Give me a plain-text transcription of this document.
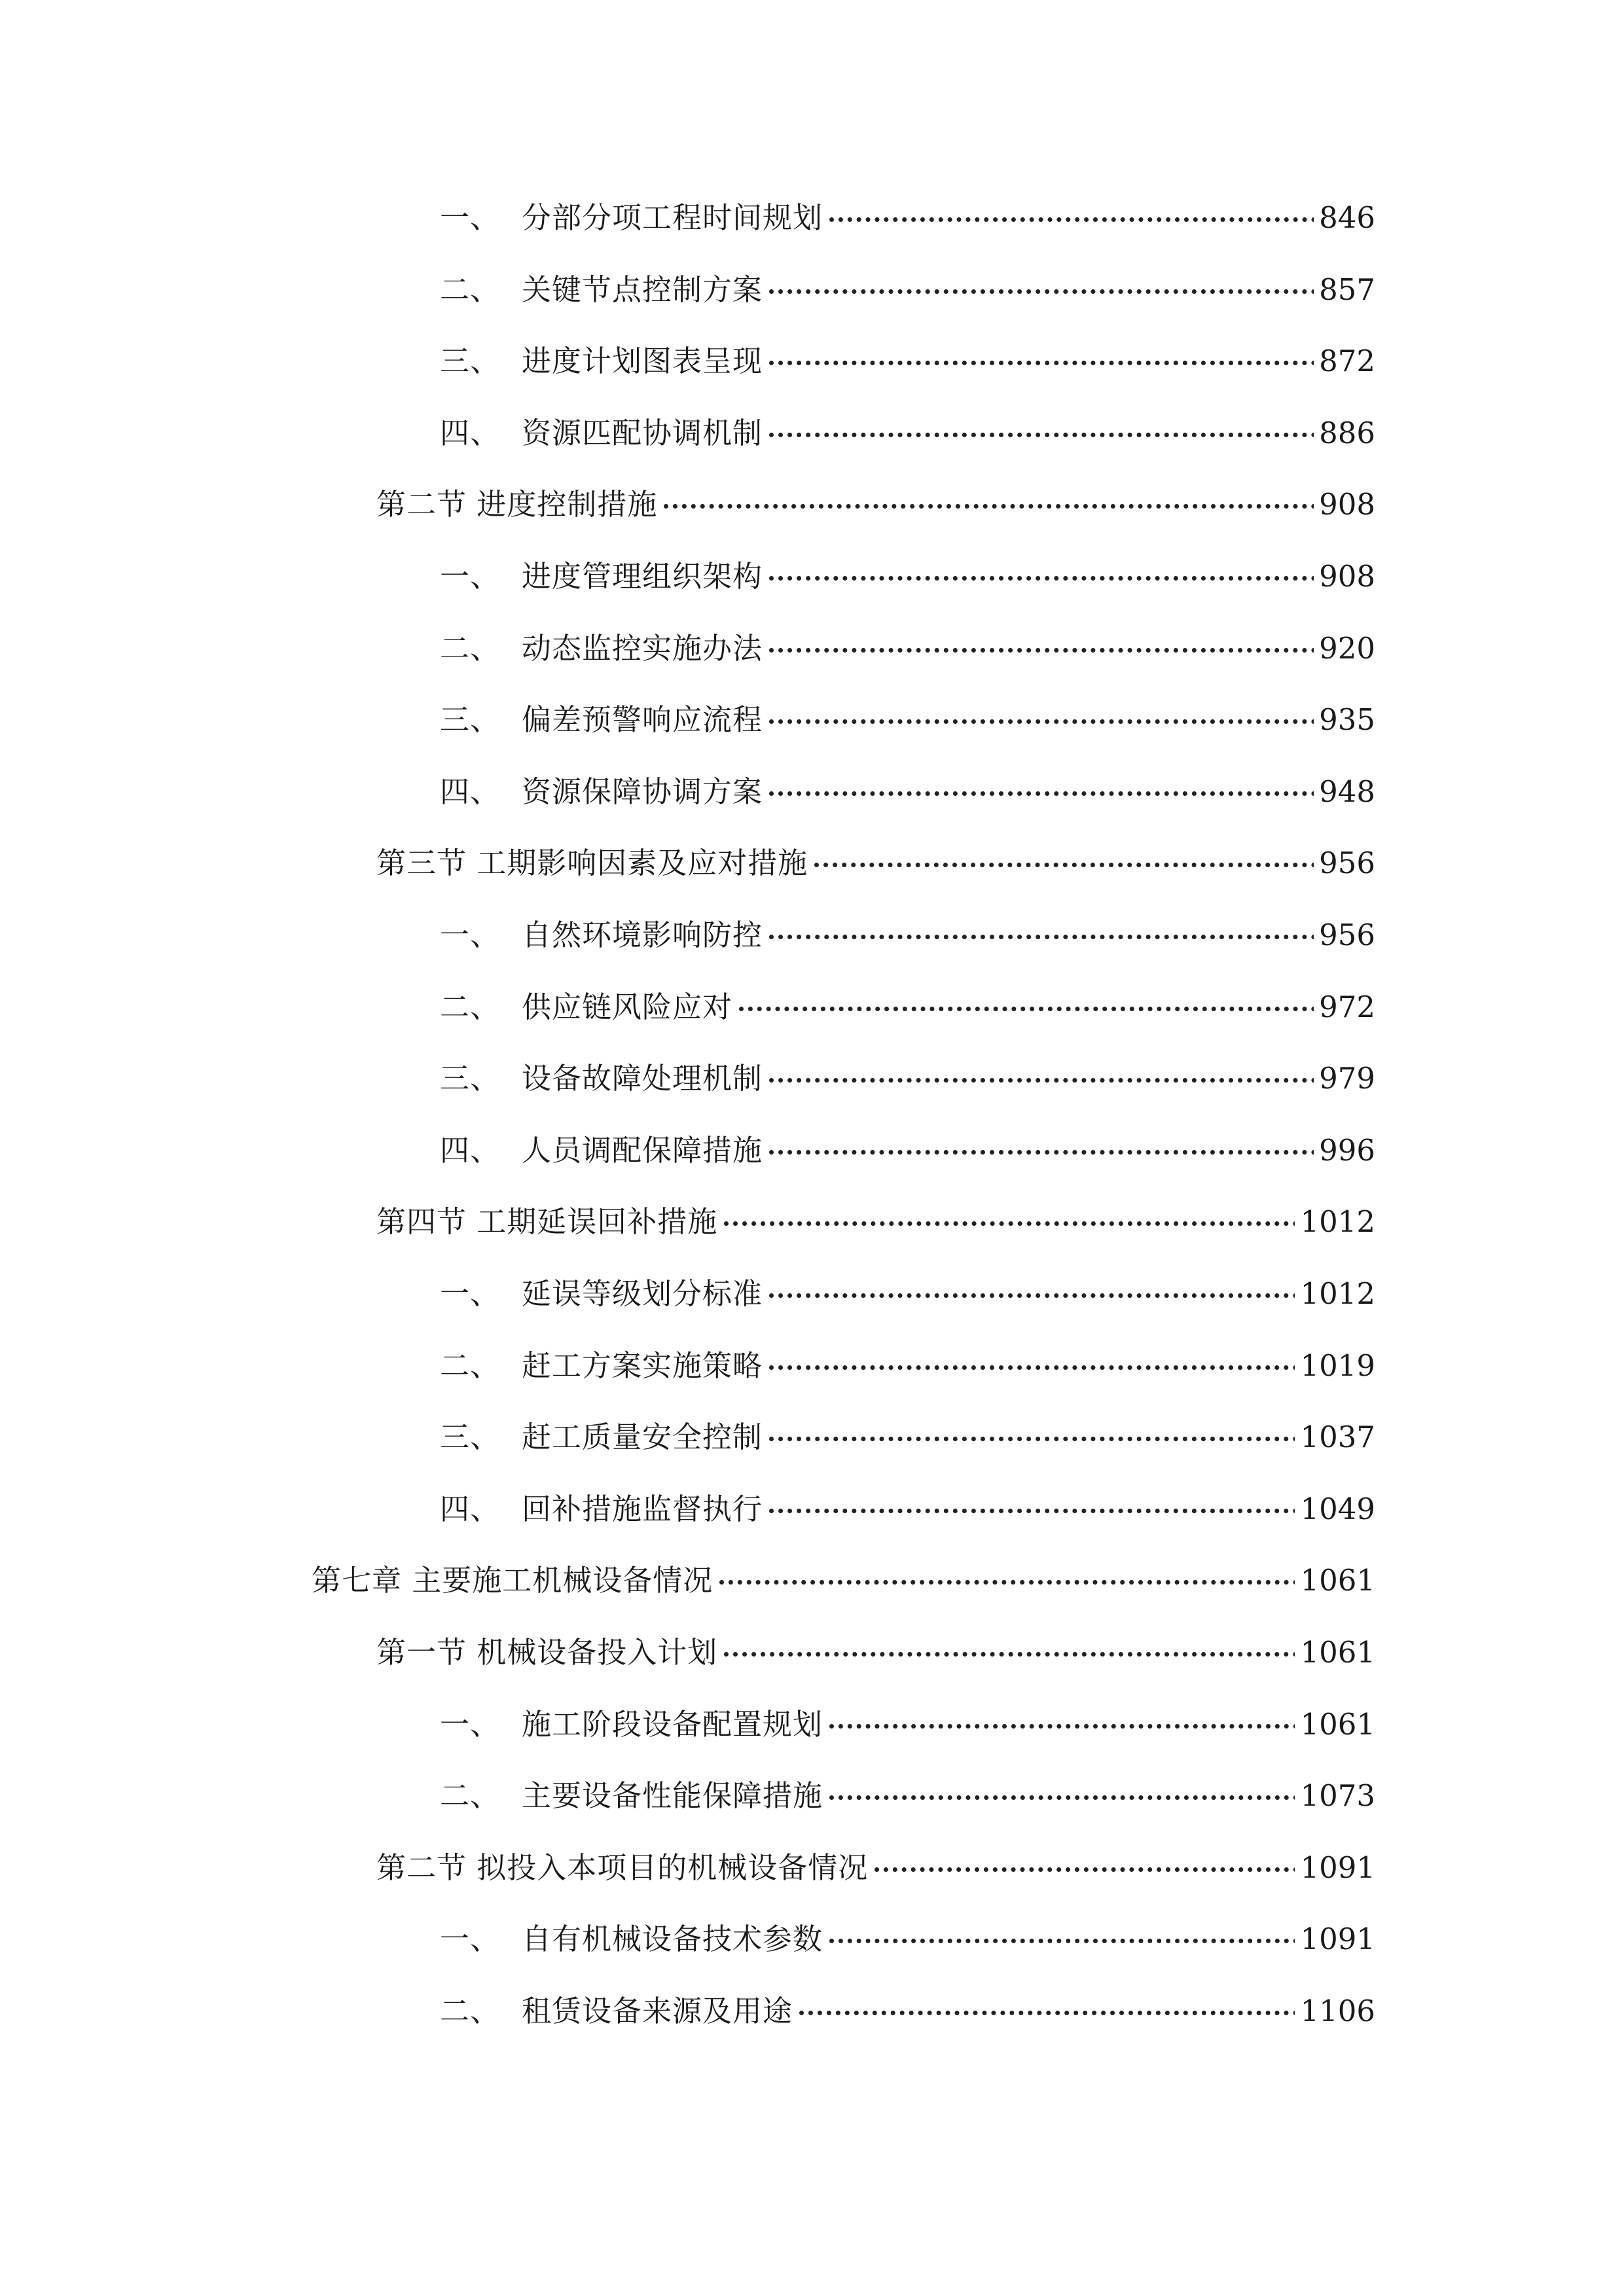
一、 分部分项工程时间规划	846
二、 关键节点控制方案	857
三、 进度计划图表呈现	872
四、 资源匹配协调机制	886
第二节 进度控制措施	908
一、 进度管理组织架构	908
二、 动态监控实施办法	920
三、 偏差预警响应流程	935
四、 资源保障协调方案	948
第三节 工期影响因素及应对措施	956
一、 自然环境影响防控	956
二、 供应链风险应对	972
三、 设备故障处理机制	979
四、 人员调配保障措施	996
第四节 工期延误回补措施	1012
一、 延误等级划分标准	1012
二、 赶工方案实施策略	1019
三、 赶工质量安全控制	1037
四、 回补措施监督执行	1049
第七章 主要施工机械设备情况	1061
第一节 机械设备投入计划	1061
一、 施工阶段设备配置规划	1061
二、 主要设备性能保障措施	1073
第二节 拟投入本项目的机械设备情况	1091
一、 自有机械设备技术参数	1091
二、 租赁设备来源及用途	1106
